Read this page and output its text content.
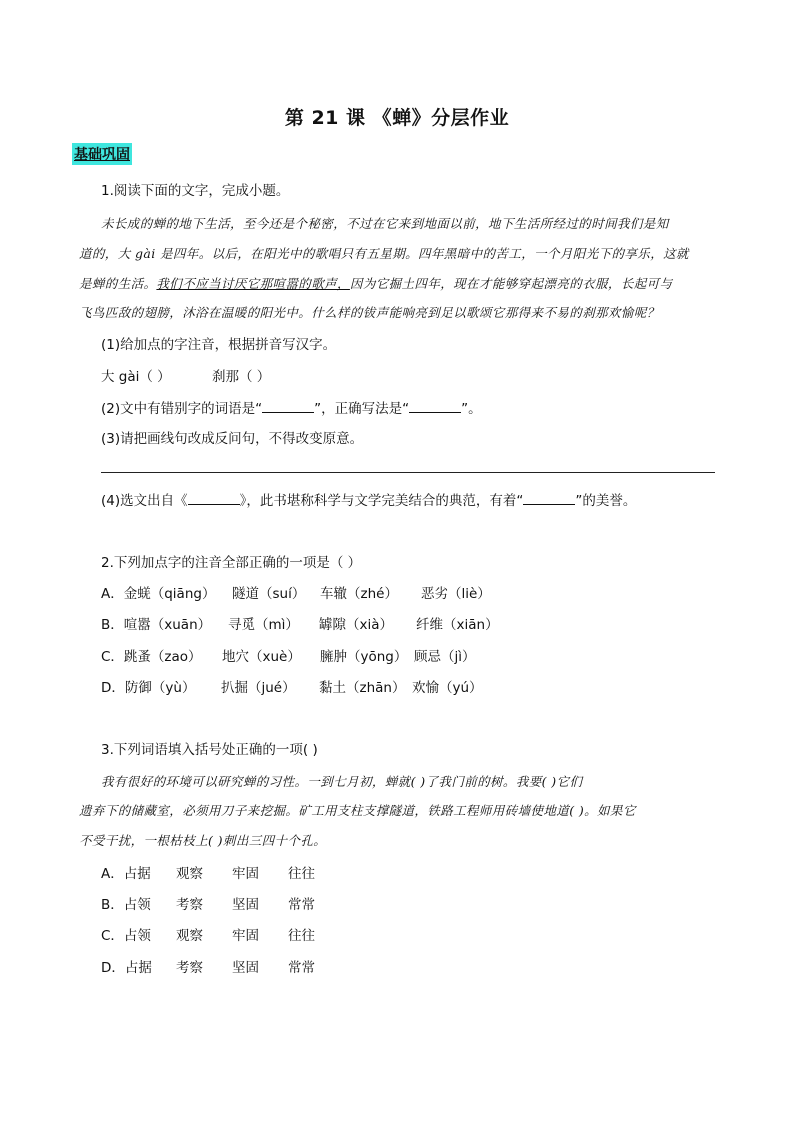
第 21 课 《蝉》分层作业
基础巩固
1.阅读下面的文字，完成小题。
未长成的蝉的地下生活，至今还是个秘密，不过在它来到地面以前，地下生活所经过的时间我们是知
道的，大 gài 是四年。以后，在阳光中的歌唱只有五星期。四年黑暗中的苦工，一个月阳光下的享乐，这就
是蝉的生活。我们不应当讨厌它那喧嚣的歌声，因为它掘土四年，现在才能够穿起漂亮的衣服，长起可与
飞鸟匹敌的翅膀，沐浴在温暖的阳光中。什么样的钹声能响亮到足以歌颂它那得来不易的刹那欢愉呢？
(1)给加点的字注音，根据拼音写汉字。
大 gài（ ）	刹那（ ）
(2)文中有错别字的词语是“	”，正确写法是“	”。
(3)请把画线句改成反问句，不得改变原意。
(4)选文出自《	》，此书堪称科学与文学完美结合的典范，有着“	”的美誉。
2.下列加点字的注音全部正确的一项是（ ）
A．金蜣（qiāng） 隧道（suí） 车辙（zhé） 恶劣（liè）
B．喧嚣（xuān） 寻觅（mì） 罅隙（xià） 纤维（xiān）
C．跳蚤（zao） 地穴（xuè） 臃肿（yōng） 顾忌（jì）
D．防御（yù） 扒掘（jué） 黏土（zhān） 欢愉（yú）
3.下列词语填入括号处正确的一项( )
我有很好的环境可以研究蝉的习性。一到七月初，蝉就( )了我门前的树。我要( )它们
遗弃下的储藏室，必须用刀子来挖掘。矿工用支柱支撑隧道，铁路工程师用砖墙使地道( )。如果它
不受干扰，一根枯枝上( )刺出三四十个孔。
A．占据 观察 牢固 往往
B．占领 考察 坚固 常常
C．占领 观察 牢固 往往
D．占据 考察 坚固 常常
